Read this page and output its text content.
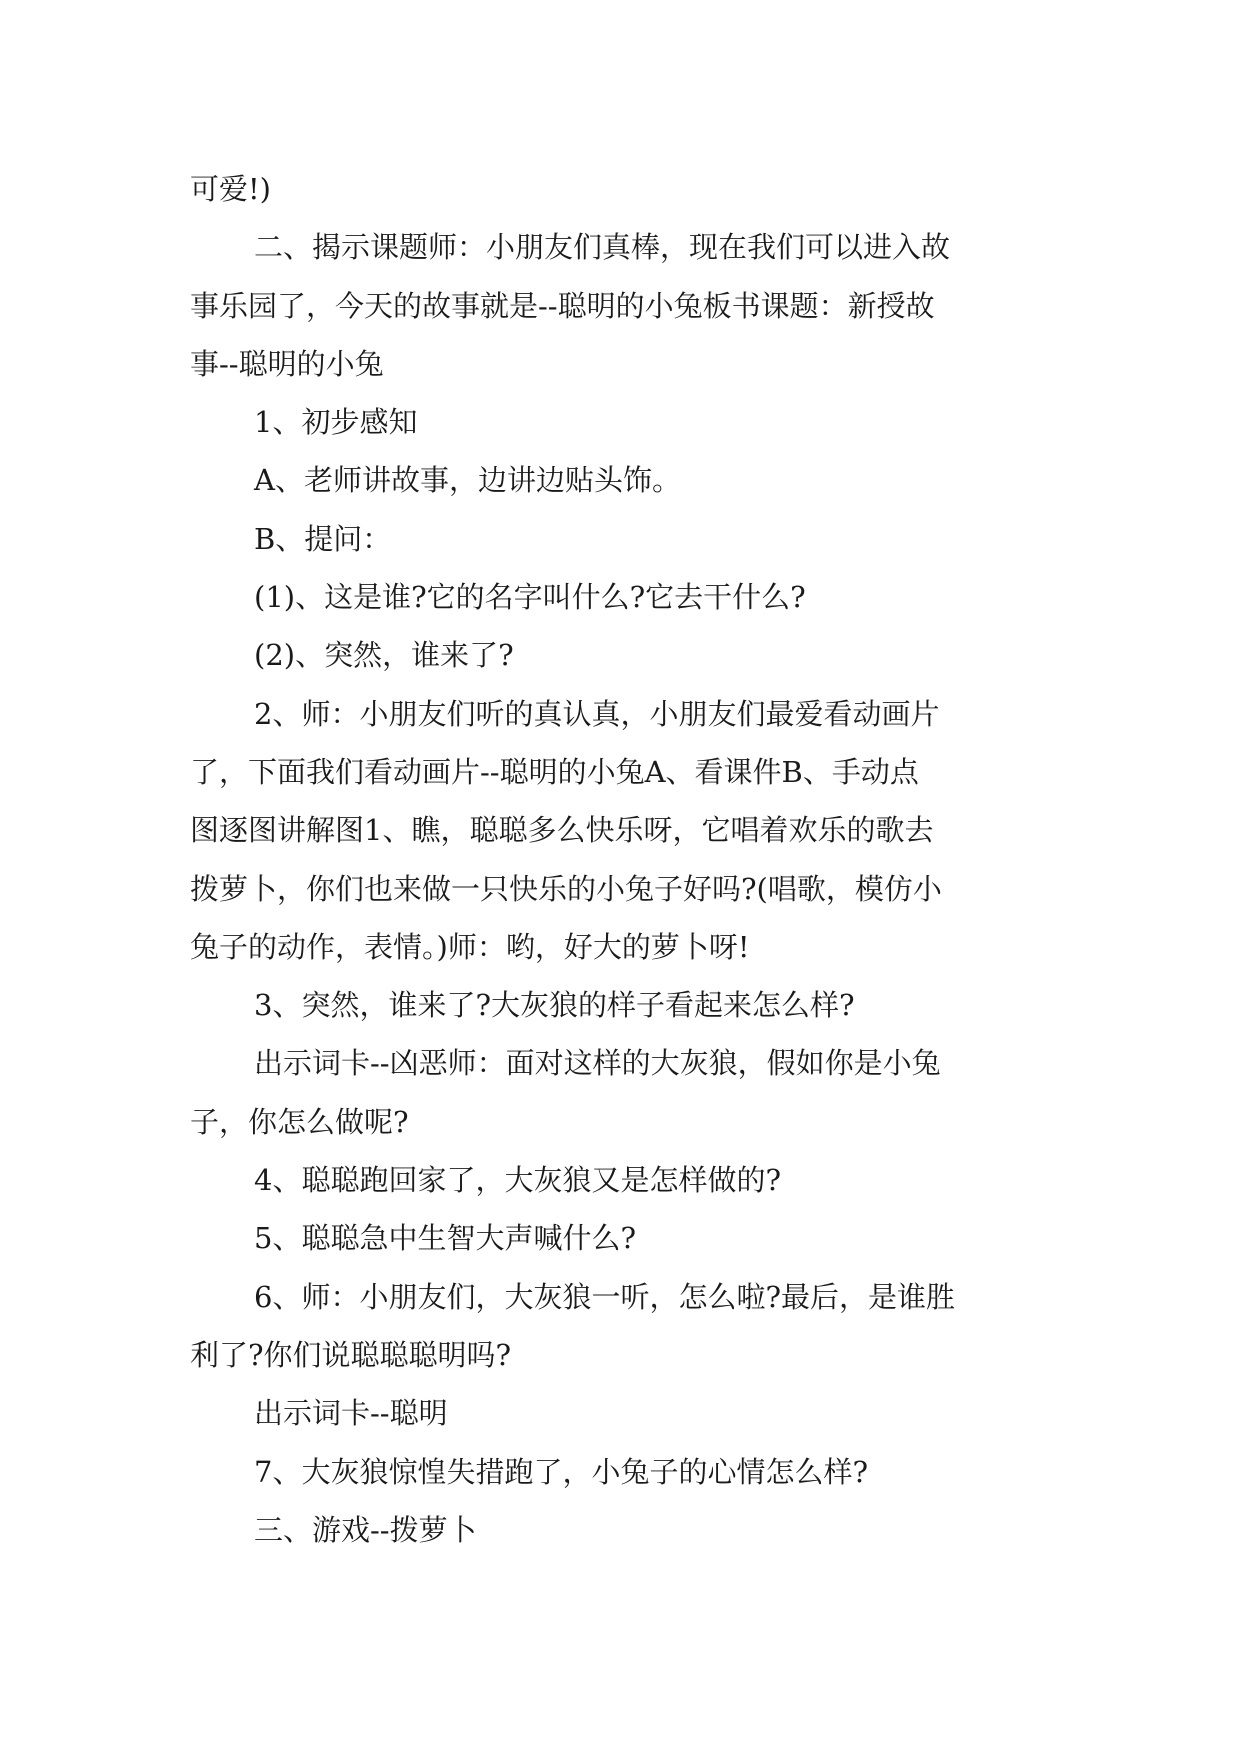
可爱!)

二、揭示课题师：小朋友们真棒，现在我们可以进入故

事乐园了，今天的故事就是--聪明的小兔板书课题：新授故

事--聪明的小兔

1、初步感知

A、老师讲故事，边讲边贴头饰。

B、提问：

(1)、这是谁?它的名字叫什么?它去干什么?

(2)、突然，谁来了?

2、师：小朋友们听的真认真，小朋友们最爱看动画片

了，下面我们看动画片--聪明的小兔A、看课件B、手动点

图逐图讲解图1、瞧，聪聪多么快乐呀，它唱着欢乐的歌去

拨萝卜，你们也来做一只快乐的小兔子好吗?(唱歌，模仿小

兔子的动作，表情。)师：哟，好大的萝卜呀!

3、突然，谁来了?大灰狼的样子看起来怎么样?

出示词卡--凶恶师：面对这样的大灰狼，假如你是小兔

子，你怎么做呢?

4、聪聪跑回家了，大灰狼又是怎样做的?

5、聪聪急中生智大声喊什么?

6、师：小朋友们，大灰狼一听，怎么啦?最后，是谁胜

利了?你们说聪聪聪明吗?

出示词卡--聪明

7、大灰狼惊惶失措跑了，小兔子的心情怎么样?

三、游戏--拨萝卜
